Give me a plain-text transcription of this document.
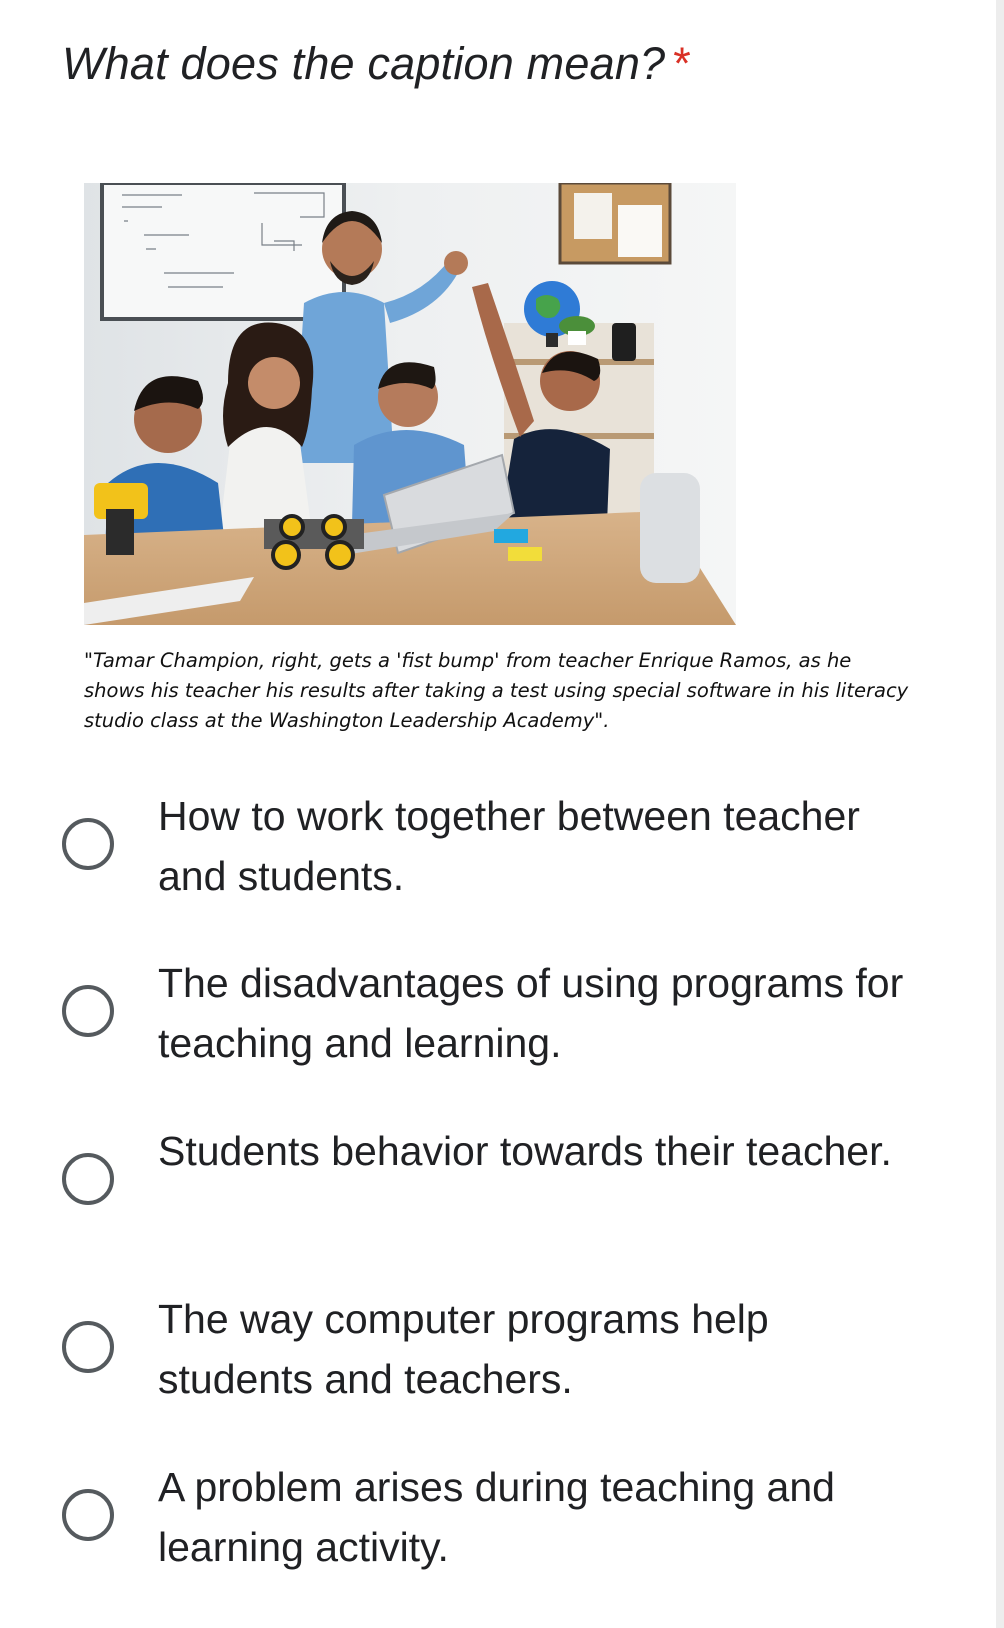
What does the caption mean? *
"Tamar Champion, right, gets a 'fist bump' from teacher Enrique Ramos, as he shows his teacher his results after taking a test using special software in his literacy studio class at the Washington Leadership Academy".
How to work together between teacher and students.
The disadvantages of using programs for teaching and learning.
Students behavior towards their teacher.
The way computer programs help students and teachers.
A problem arises during teaching and learning activity.
